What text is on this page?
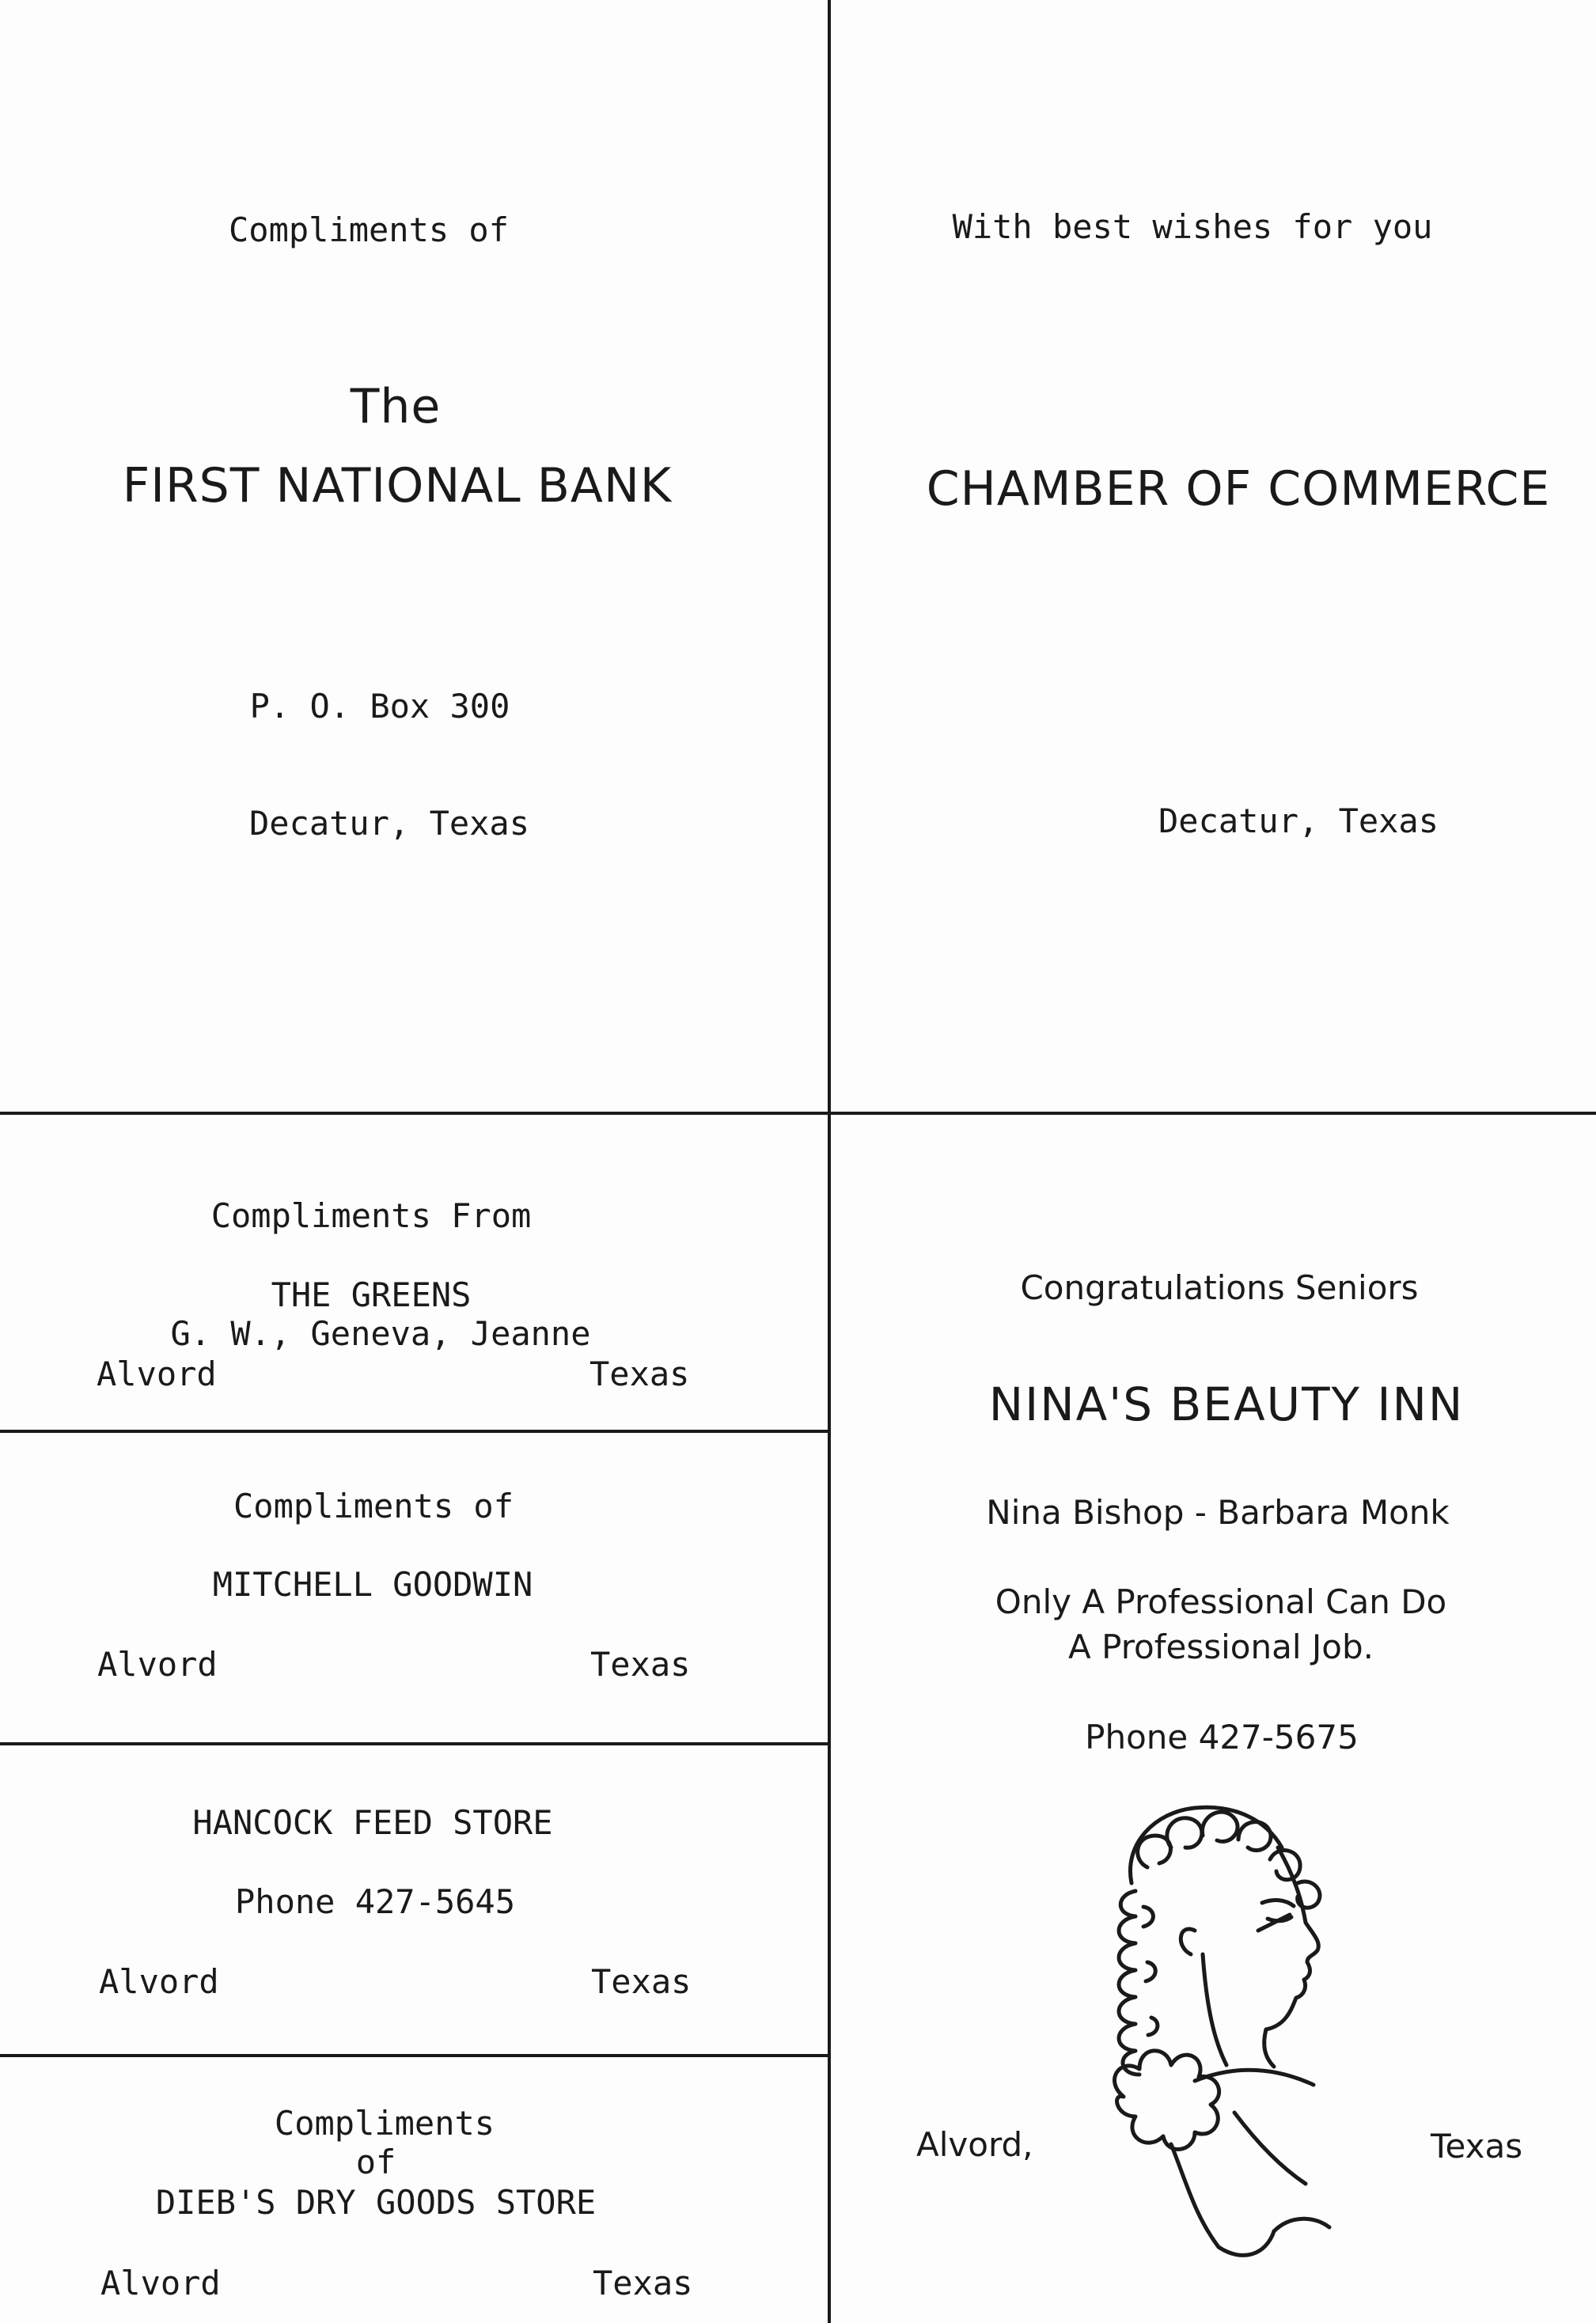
Compliments of
The
FIRST NATIONAL BANK
P. O. Box 300
Decatur, Texas
With best wishes for you
CHAMBER OF COMMERCE
Decatur, Texas
Compliments From
THE GREENS
G. W., Geneva, Jeanne
Alvord	Texas
Compliments of
MITCHELL GOODWIN
Alvord	Texas
HANCOCK FEED STORE
Phone 427-5645
Alvord	Texas
Compliments
of
DIEB'S DRY GOODS STORE
Alvord	Texas
Congratulations Seniors
NINA'S BEAUTY INN
Nina Bishop - Barbara Monk
Only A Professional Can Do
A Professional Job.
Phone 427-5675
Alvord,	Texas
